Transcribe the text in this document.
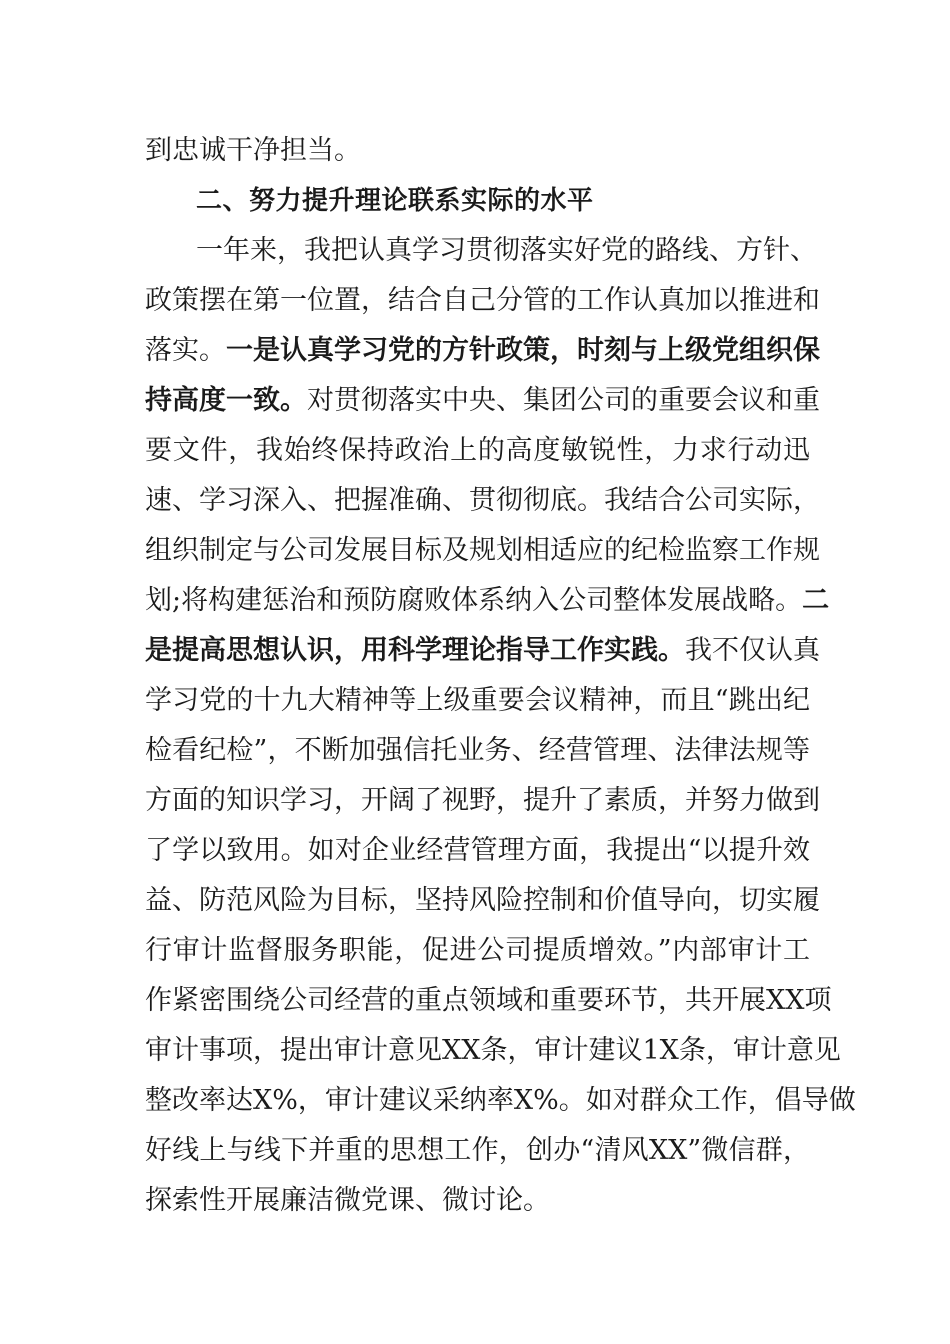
到忠诚干净担当。
一年来，我把认真学习贯彻落实好党的路线、方针、
政策摆在第一位置，结合自己分管的工作认真加以推进和
落实。一是认真学习党的方针政策，时刻与上级党组织保
持高度一致。对贯彻落实中央、集团公司的重要会议和重
要文件，我始终保持政治上的高度敏锐性，力求行动迅
速、学习深入、把握准确、贯彻彻底。我结合公司实际，
组织制定与公司发展目标及规划相适应的纪检监察工作规
划;将构建惩治和预防腐败体系纳入公司整体发展战略。二
是提高思想认识，用科学理论指导工作实践。我不仅认真
学习党的十九大精神等上级重要会议精神，而且“跳出纪
检看纪检”，不断加强信托业务、经营管理、法律法规等
方面的知识学习，开阔了视野，提升了素质，并努力做到
了学以致用。如对企业经营管理方面，我提出“以提升效
益、防范风险为目标，坚持风险控制和价值导向，切实履
行审计监督服务职能，促进公司提质增效。”内部审计工
作紧密围绕公司经营的重点领域和重要环节，共开展XX项
审计事项，提出审计意见XX条，审计建议1X条，审计意见
整改率达X%，审计建议采纳率X%。如对群众工作，倡导做
好线上与线下并重的思想工作，创办“清风XX”微信群，
探索性开展廉洁微党课、微讨论。
二、努力提升理论联系实际的水平
